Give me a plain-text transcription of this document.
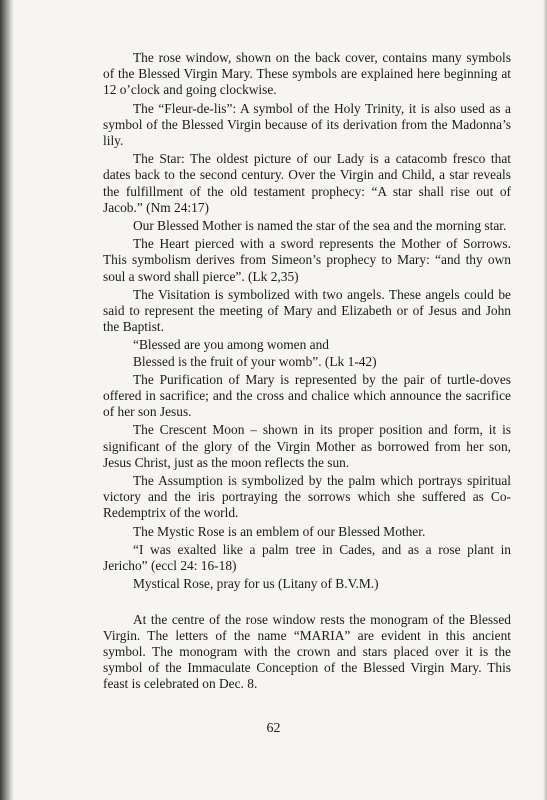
The rose window, shown on the back cover, contains many symbols of the Blessed Virgin Mary. These symbols are explained here beginning at 12 o’clock and going clockwise.

The “Fleur-de-lis”: A symbol of the Holy Trinity, it is also used as a symbol of the Blessed Virgin because of its derivation from the Madonna’s lily.

The Star: The oldest picture of our Lady is a catacomb fresco that dates back to the second century. Over the Virgin and Child, a star reveals the fulfillment of the old testament prophecy: “A star shall rise out of Jacob.” (Nm 24:17)

Our Blessed Mother is named the star of the sea and the morning star.

The Heart pierced with a sword represents the Mother of Sorrows. This symbolism derives from Simeon’s prophecy to Mary: “and thy own soul a sword shall pierce”. (Lk 2,35)

The Visitation is symbolized with two angels. These angels could be said to represent the meeting of Mary and Elizabeth or of Jesus and John the Baptist.

“Blessed are you among women and

Blessed is the fruit of your womb”. (Lk 1-42)

The Purification of Mary is represented by the pair of turtle-doves offered in sacrifice; and the cross and chalice which announce the sacrifice of her son Jesus.

The Crescent Moon – shown in its proper position and form, it is significant of the glory of the Virgin Mother as borrowed from her son, Jesus Christ, just as the moon reflects the sun.

The Assumption is symbolized by the palm which portrays spiritual victory and the iris portraying the sorrows which she suffered as Co-Redemptrix of the world.

The Mystic Rose is an emblem of our Blessed Mother.

“I was exalted like a palm tree in Cades, and as a rose plant in Jericho” (eccl 24: 16-18)

Mystical Rose, pray for us (Litany of B.V.M.)

At the centre of the rose window rests the monogram of the Blessed Virgin. The letters of the name “MARIA” are evident in this ancient symbol. The monogram with the crown and stars placed over it is the symbol of the Immaculate Conception of the Blessed Virgin Mary. This feast is celebrated on Dec. 8.

62
